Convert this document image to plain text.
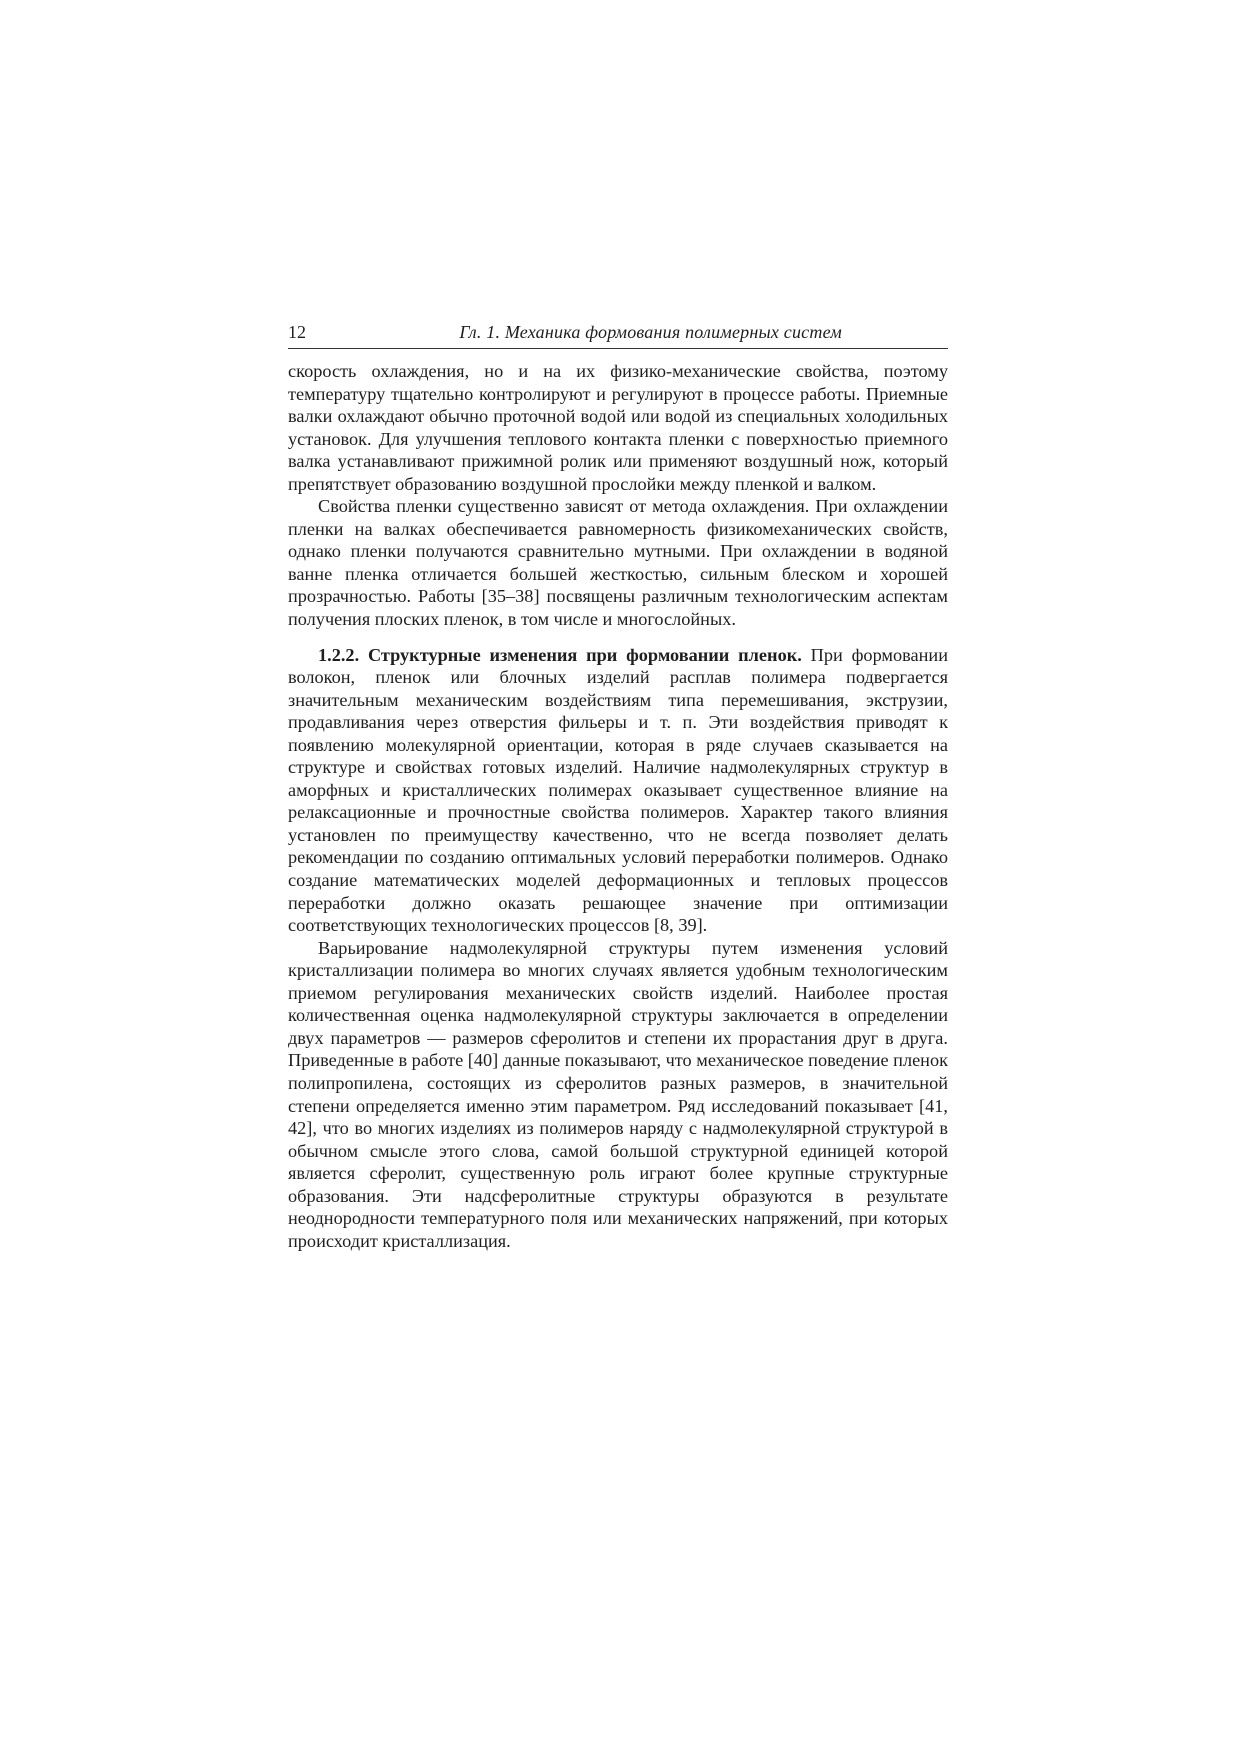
12	Гл. 1. Механика формования полимерных систем

скорость охлаждения, но и на их физико-механические свойства, поэтому температуру тщательно контролируют и регулируют в процессе работы. Приемные валки охлаждают обычно проточной водой или водой из специальных холодильных установок. Для улучшения теплового контакта пленки с поверхностью приемного валка устанавливают прижимной ролик или применяют воздушный нож, который препятствует образованию воздушной прослойки между пленкой и валком.

Свойства пленки существенно зависят от метода охлаждения. При охлаждении пленки на валках обеспечивается равномерность физикомеханических свойств, однако пленки получаются сравнительно мутными. При охлаждении в водяной ванне пленка отличается большей жесткостью, сильным блеском и хорошей прозрачностью. Работы [35–38] посвящены различным технологическим аспектам получения плоских пленок, в том числе и многослойных.

1.2.2. Структурные изменения при формовании пленок. При формовании волокон, пленок или блочных изделий расплав полимера подвергается значительным механическим воздействиям типа перемешивания, экструзии, продавливания через отверстия фильеры и т. п. Эти воздействия приводят к появлению молекулярной ориентации, которая в ряде случаев сказывается на структуре и свойствах готовых изделий. Наличие надмолекулярных структур в аморфных и кристаллических полимерах оказывает существенное влияние на релаксационные и прочностные свойства полимеров. Характер такого влияния установлен по преимуществу качественно, что не всегда позволяет делать рекомендации по созданию оптимальных условий переработки полимеров. Однако создание математических моделей деформационных и тепловых процессов переработки должно оказать решающее значение при оптимизации соответствующих технологических процессов [8, 39].

Варьирование надмолекулярной структуры путем изменения условий кристаллизации полимера во многих случаях является удобным технологическим приемом регулирования механических свойств изделий. Наиболее простая количественная оценка надмолекулярной структуры заключается в определении двух параметров — размеров сферолитов и степени их прорастания друг в друга. Приведенные в работе [40] данные показывают, что механическое поведение пленок полипропилена, состоящих из сферолитов разных размеров, в значительной степени определяется именно этим параметром. Ряд исследований показывает [41, 42], что во многих изделиях из полимеров наряду с надмолекулярной структурой в обычном смысле этого слова, самой большой структурной единицей которой является сферолит, существенную роль играют более крупные структурные образования. Эти надсферолитные структуры образуются в результате неоднородности температурного поля или механических напряжений, при которых происходит кристаллизация.
